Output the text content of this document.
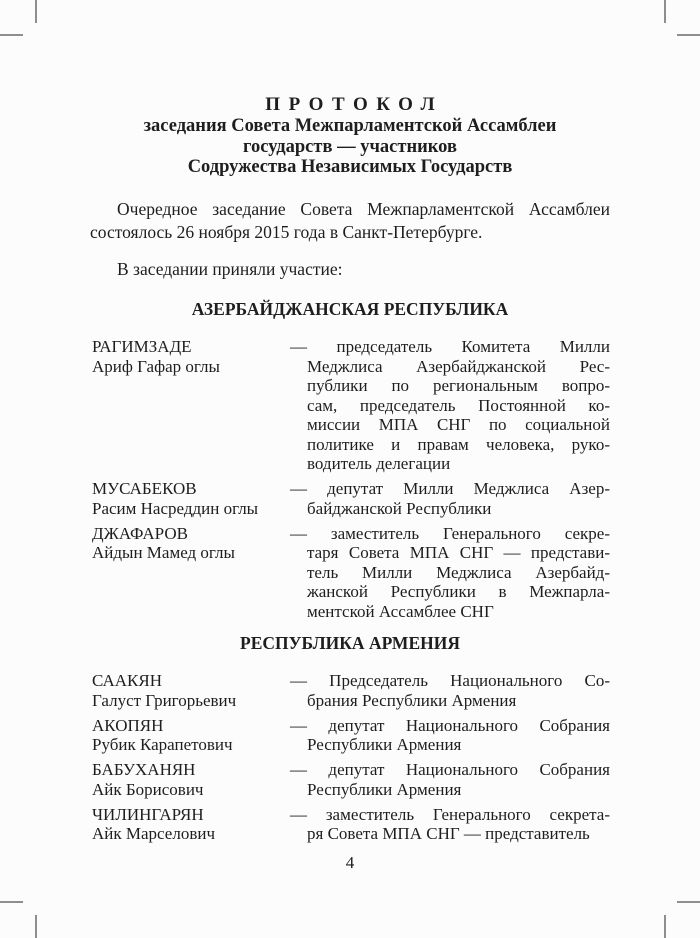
ПРОТОКОЛ
заседания Совета Межпарламентской Ассамблеи
государств — участников
Содружества Независимых Государств
Очередное заседание Совета Межпарламентской Ассамблеи
состоялось 26 ноября 2015 года в Санкт-Петербурге.
В заседании приняли участие:
АЗЕРБАЙДЖАНСКАЯ РЕСПУБЛИКА
РАГИМЗАДЕ
Ариф Гафар оглы
— председатель Комитета Милли
Меджлиса Азербайджанской Рес-
публики по региональным вопро-
сам, председатель Постоянной ко-
миссии МПА СНГ по социальной
политике и правам человека, руко-
водитель делегации
МУСАБЕКОВ
Расим Насреддин оглы
— депутат Милли Меджлиса Азер-
байджанской Республики
ДЖАФАРОВ
Айдын Мамед оглы
— заместитель Генерального секре-
таря Совета МПА СНГ — представи-
тель Милли Меджлиса Азербайд-
жанской Республики в Межпарла-
ментской Ассамблее СНГ
РЕСПУБЛИКА АРМЕНИЯ
СААКЯН
Галуст Григорьевич
— Председатель Национального Со-
брания Республики Армения
АКОПЯН
Рубик Карапетович
— депутат Национального Собрания
Республики Армения
БАБУХАНЯН
Айк Борисович
— депутат Национального Собрания
Республики Армения
ЧИЛИНГАРЯН
Айк Марселович
— заместитель Генерального секрета-
ря Совета МПА СНГ — представитель
4
